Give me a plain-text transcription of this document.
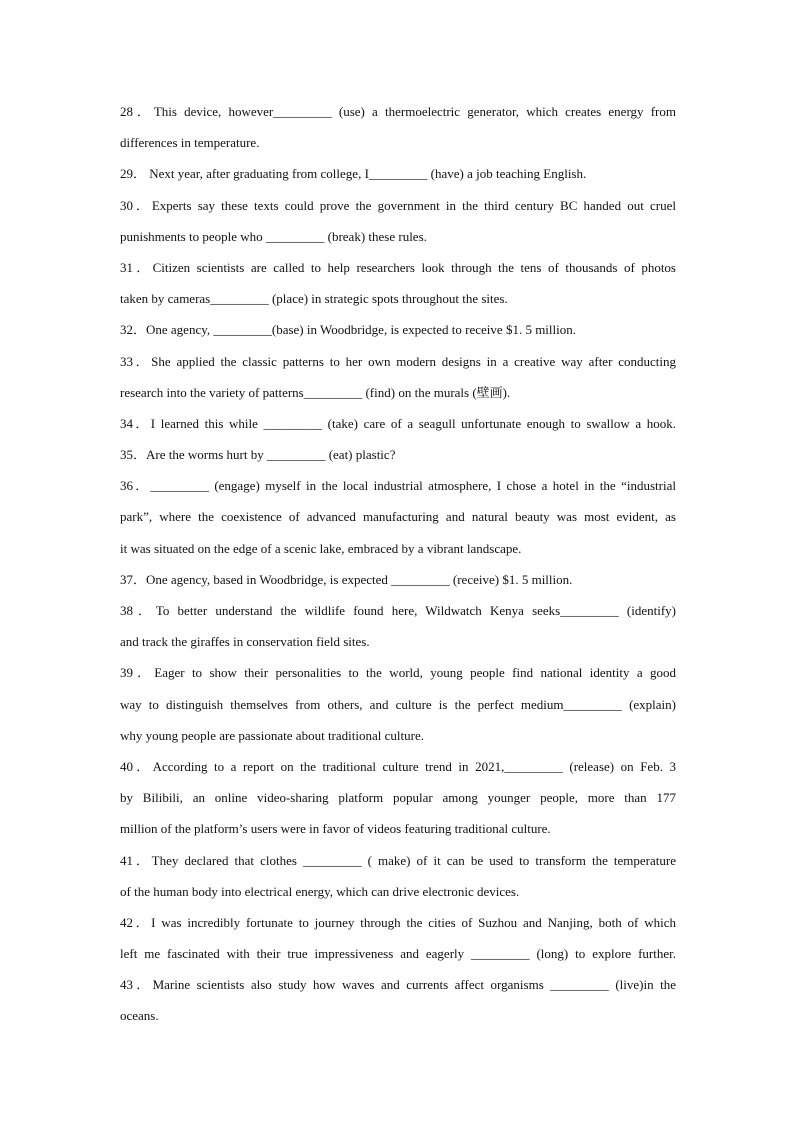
28．This device, however_________ (use) a thermoelectric generator, which creates energy from
differences in temperature.
29． Next year, after graduating from college, I_________ (have) a job teaching English.
30．Experts say these texts could prove the government in the third century BC handed out cruel
punishments to people who _________ (break) these rules.
31．Citizen scientists are called to help researchers look through the tens of thousands of photos
taken by cameras_________ (place) in strategic spots throughout the sites.
32．One agency, _________(base) in Woodbridge, is expected to receive $1. 5 million.
33．She applied the classic patterns to her own modern designs in a creative way after conducting
research into the variety of patterns_________ (find) on the murals (壁画).
34．I learned this while _________ (take) care of a seagull unfortunate enough to swallow a hook.
35．Are the worms hurt by _________ (eat) plastic?
36．_________ (engage) myself in the local industrial atmosphere, I chose a hotel in the “industrial
park”, where the coexistence of advanced manufacturing and natural beauty was most evident, as
it was situated on the edge of a scenic lake, embraced by a vibrant landscape.
37．One agency, based in Woodbridge, is expected _________ (receive) $1. 5 million.
38．To better understand the wildlife found here, Wildwatch Kenya seeks_________ (identify)
and track the giraffes in conservation field sites.
39．Eager to show their personalities to the world, young people find national identity a good
way to distinguish themselves from others, and culture is the perfect medium_________ (explain)
why young people are passionate about traditional culture.
40．According to a report on the traditional culture trend in 2021,_________ (release) on Feb. 3
by Bilibili, an online video-sharing platform popular among younger people, more than 177
million of the platform’s users were in favor of videos featuring traditional culture.
41．They declared that clothes _________ ( make) of it can be used to transform the temperature
of the human body into electrical energy, which can drive electronic devices.
42．I was incredibly fortunate to journey through the cities of Suzhou and Nanjing, both of which
left me fascinated with their true impressiveness and eagerly _________ (long) to explore further.
43．Marine scientists also study how waves and currents affect organisms _________ (live)in the
oceans.
